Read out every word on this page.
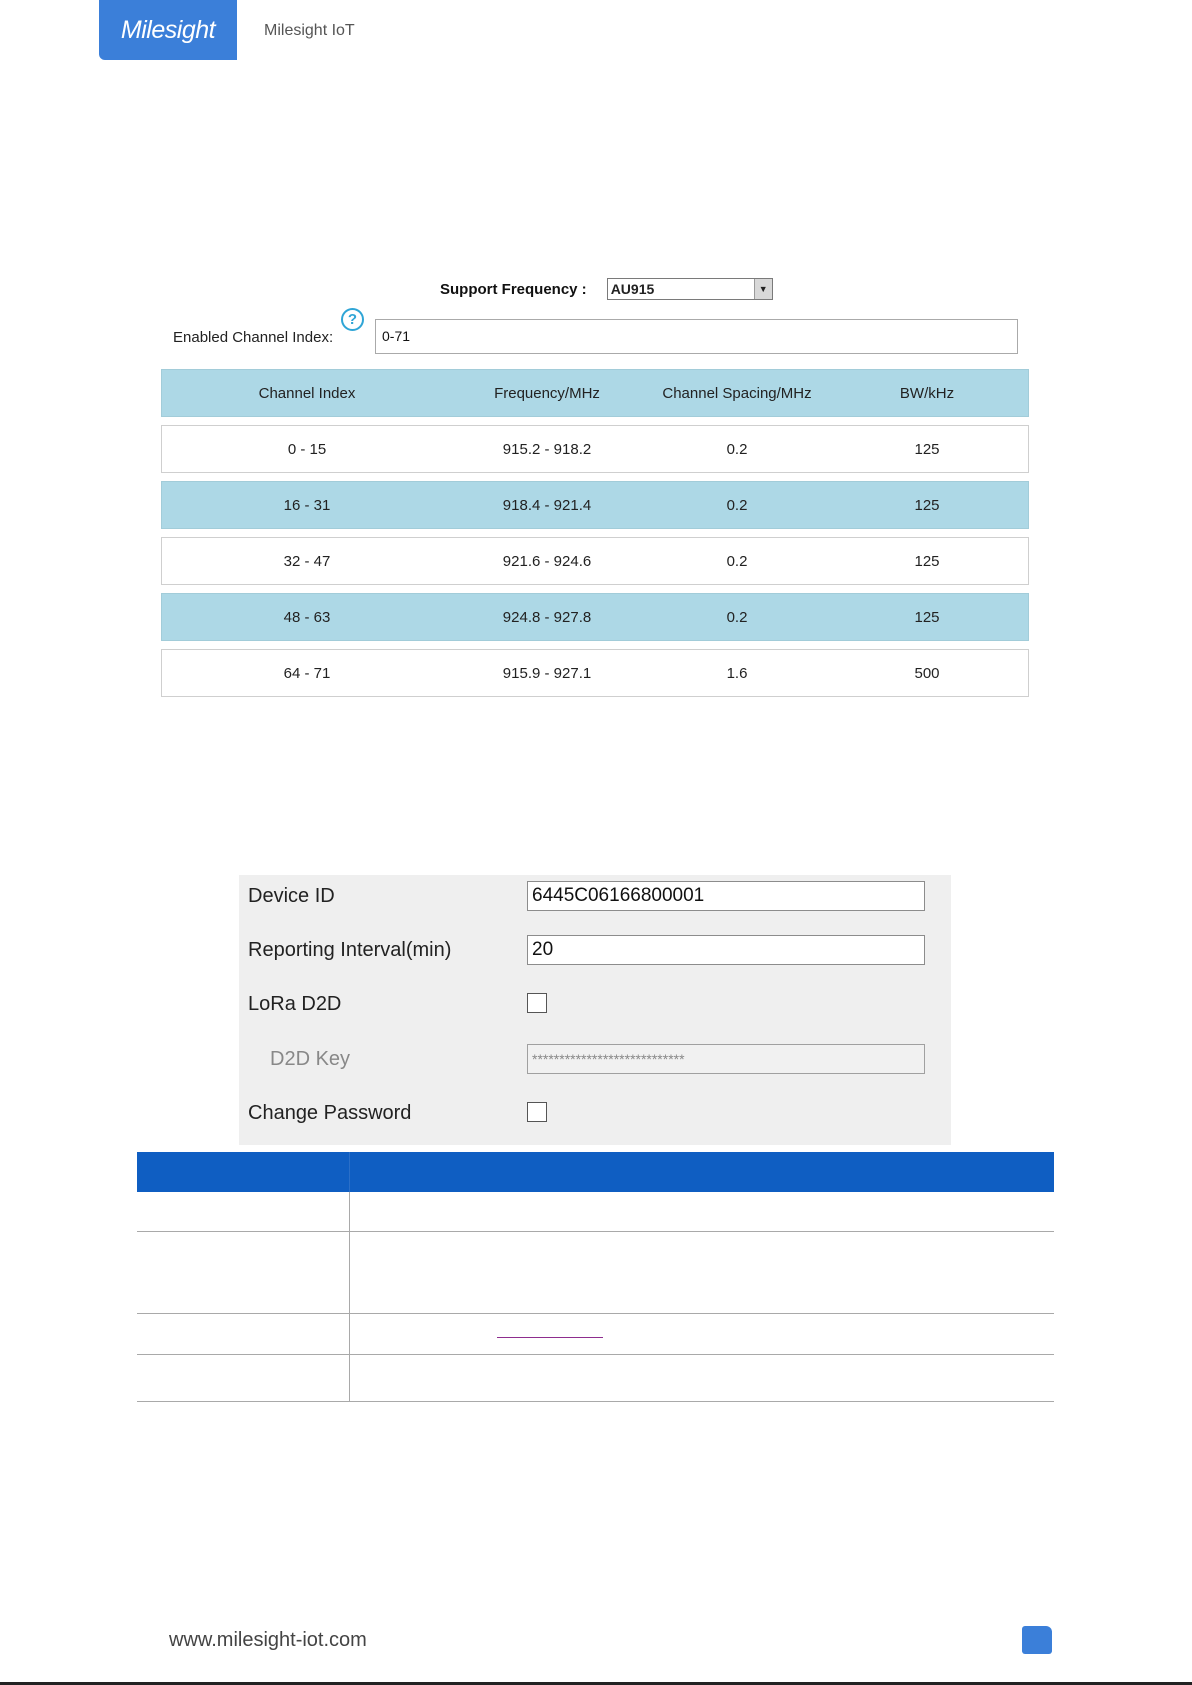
Milesight	Milesight IoT
Support Frequency : AU915	▼
?
Enabled Channel Index:	0-71
Channel Index	Frequency/MHz	Channel Spacing/MHz	BW/kHz
0 - 15	915.2 - 918.2	0.2	125
16 - 31	918.4 - 921.4	0.2	125
32 - 47	921.6 - 924.6	0.2	125
48 - 63	924.8 - 927.8	0.2	125
64 - 71	915.9 - 927.1	1.6	500
Device ID	6445C06166800001
Reporting Interval(min)	20
LoRa D2D
D2D Key	****************************
Change Password
www.milesight-iot.com
